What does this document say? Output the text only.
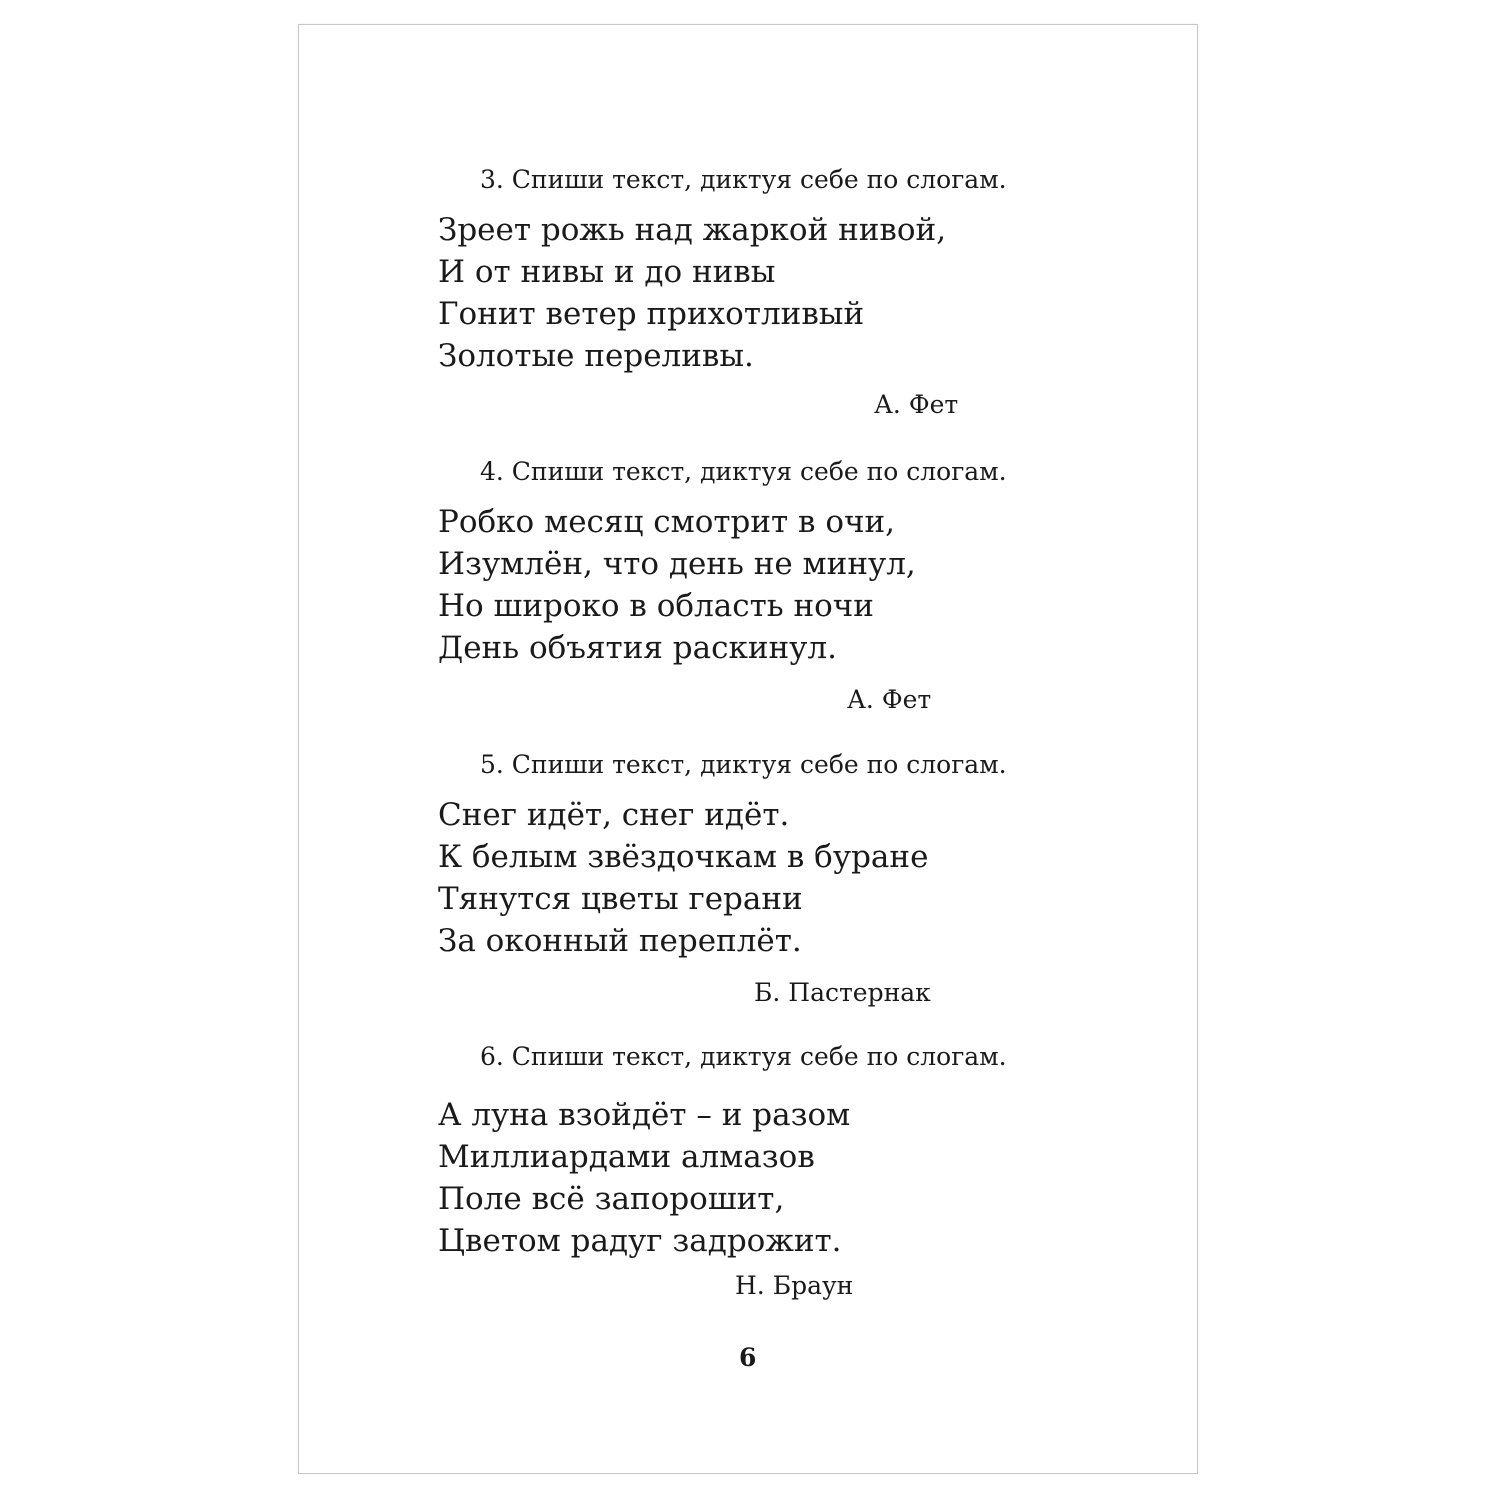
3. Спиши текст, диктуя себе по слогам.

Зреет рожь над жаркой нивой,
И от нивы и до нивы
Гонит ветер прихотливый
Золотые переливы.

А. Фет

4. Спиши текст, диктуя себе по слогам.

Робко месяц смотрит в очи,
Изумлён, что день не минул,
Но широко в область ночи
День объятия раскинул.

А. Фет

5. Спиши текст, диктуя себе по слогам.

Снег идёт, снег идёт.
К белым звёздочкам в буране
Тянутся цветы герани
За оконный переплёт.

Б. Пастернак

6. Спиши текст, диктуя себе по слогам.

А луна взойдёт – и разом
Миллиардами алмазов
Поле всё запорошит,
Цветом радуг задрожит.

Н. Браун

6
